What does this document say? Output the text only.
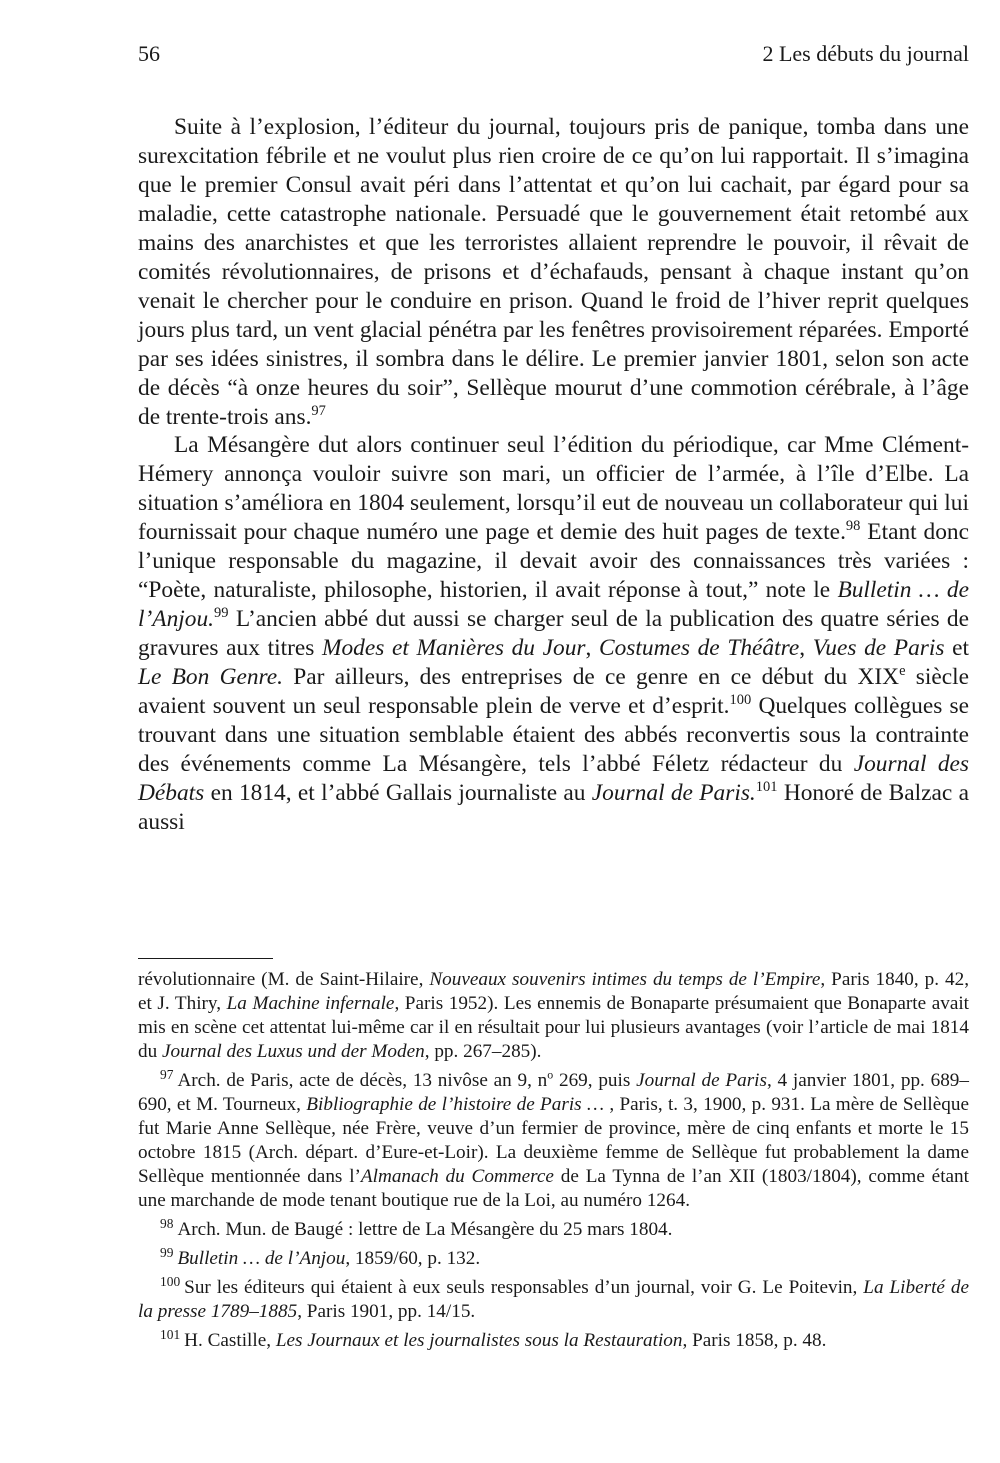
56	2 Les débuts du journal

Suite à l’explosion, l’éditeur du journal, toujours pris de panique, tomba dans une surexcitation fébrile et ne voulut plus rien croire de ce qu’on lui rapportait. Il s’imagina que le premier Consul avait péri dans l’attentat et qu’on lui cachait, par égard pour sa maladie, cette catastrophe nationale. Persuadé que le gouvernement était retombé aux mains des anarchistes et que les terroristes allaient reprendre le pouvoir, il rêvait de comités révolutionnaires, de prisons et d’échafauds, pensant à chaque instant qu’on venait le chercher pour le conduire en prison. Quand le froid de l’hiver reprit quelques jours plus tard, un vent glacial pénétra par les fenêtres provisoirement réparées. Emporté par ses idées sinistres, il sombra dans le délire. Le premier janvier 1801, selon son acte de décès “à onze heures du soir”, Sellèque mourut d’une commotion cérébrale, à l’âge de trente-trois ans.$^{97}$

La Mésangère dut alors continuer seul l’édition du périodique, car Mme Clément-Hémery annonça vouloir suivre son mari, un officier de l’armée, à l’île d’Elbe. La situation s’améliora en 1804 seulement, lorsqu’il eut de nouveau un collaborateur qui lui fournissait pour chaque numéro une page et demie des huit pages de texte.$^{98}$ Etant donc l’unique responsable du magazine, il devait avoir des connaissances très variées : “Poète, naturaliste, philosophe, historien, il avait réponse à tout,” note le Bulletin … de l’Anjou.$^{99}$ L’ancien abbé dut aussi se charger seul de la publication des quatre séries de gravures aux titres Modes et Manières du Jour, Costumes de Théâtre, Vues de Paris et Le Bon Genre. Par ailleurs, des entreprises de ce genre en ce début du XIXe siècle avaient souvent un seul responsable plein de verve et d’esprit.$^{100}$ Quelques collègues se trouvant dans une situation semblable étaient des abbés reconvertis sous la contrainte des événements comme La Mésangère, tels l’abbé Féletz rédacteur du Journal des Débats en 1814, et l’abbé Gallais journaliste au Journal de Paris.$^{101}$ Honoré de Balzac a aussi

révolutionnaire (M. de Saint-Hilaire, Nouveaux souvenirs intimes du temps de l’Empire, Paris 1840, p. 42, et J. Thiry, La Machine infernale, Paris 1952). Les ennemis de Bonaparte présumaient que Bonaparte avait mis en scène cet attentat lui-même car il en résultait pour lui plusieurs avantages (voir l’article de mai 1814 du Journal des Luxus und der Moden, pp. 267–285).

$^{97}$ Arch. de Paris, acte de décès, 13 nivôse an 9, $n^o$ 269, puis Journal de Paris, 4 janvier 1801, pp. 689–690, et M. Tourneux, Bibliographie de l’histoire de Paris … , Paris, t. 3, 1900, p. 931. La mère de Sellèque fut Marie Anne Sellèque, née Frère, veuve d’un fermier de province, mère de cinq enfants et morte le 15 octobre 1815 (Arch. départ. d’Eure-et-Loir). La deuxième femme de Sellèque fut probablement la dame Sellèque mentionnée dans l’Almanach du Commerce de La Tynna de l’an XII (1803/1804), comme étant une marchande de mode tenant boutique rue de la Loi, au numéro 1264.

$^{98}$ Arch. Mun. de Baugé : lettre de La Mésangère du 25 mars 1804.

$^{99}$ Bulletin … de l’Anjou, 1859/60, p. 132.

$^{100}$ Sur les éditeurs qui étaient à eux seuls responsables d’un journal, voir G. Le Poitevin, La Liberté de la presse 1789–1885, Paris 1901, pp. 14/15.

$^{101}$ H. Castille, Les Journaux et les journalistes sous la Restauration, Paris 1858, p. 48.
